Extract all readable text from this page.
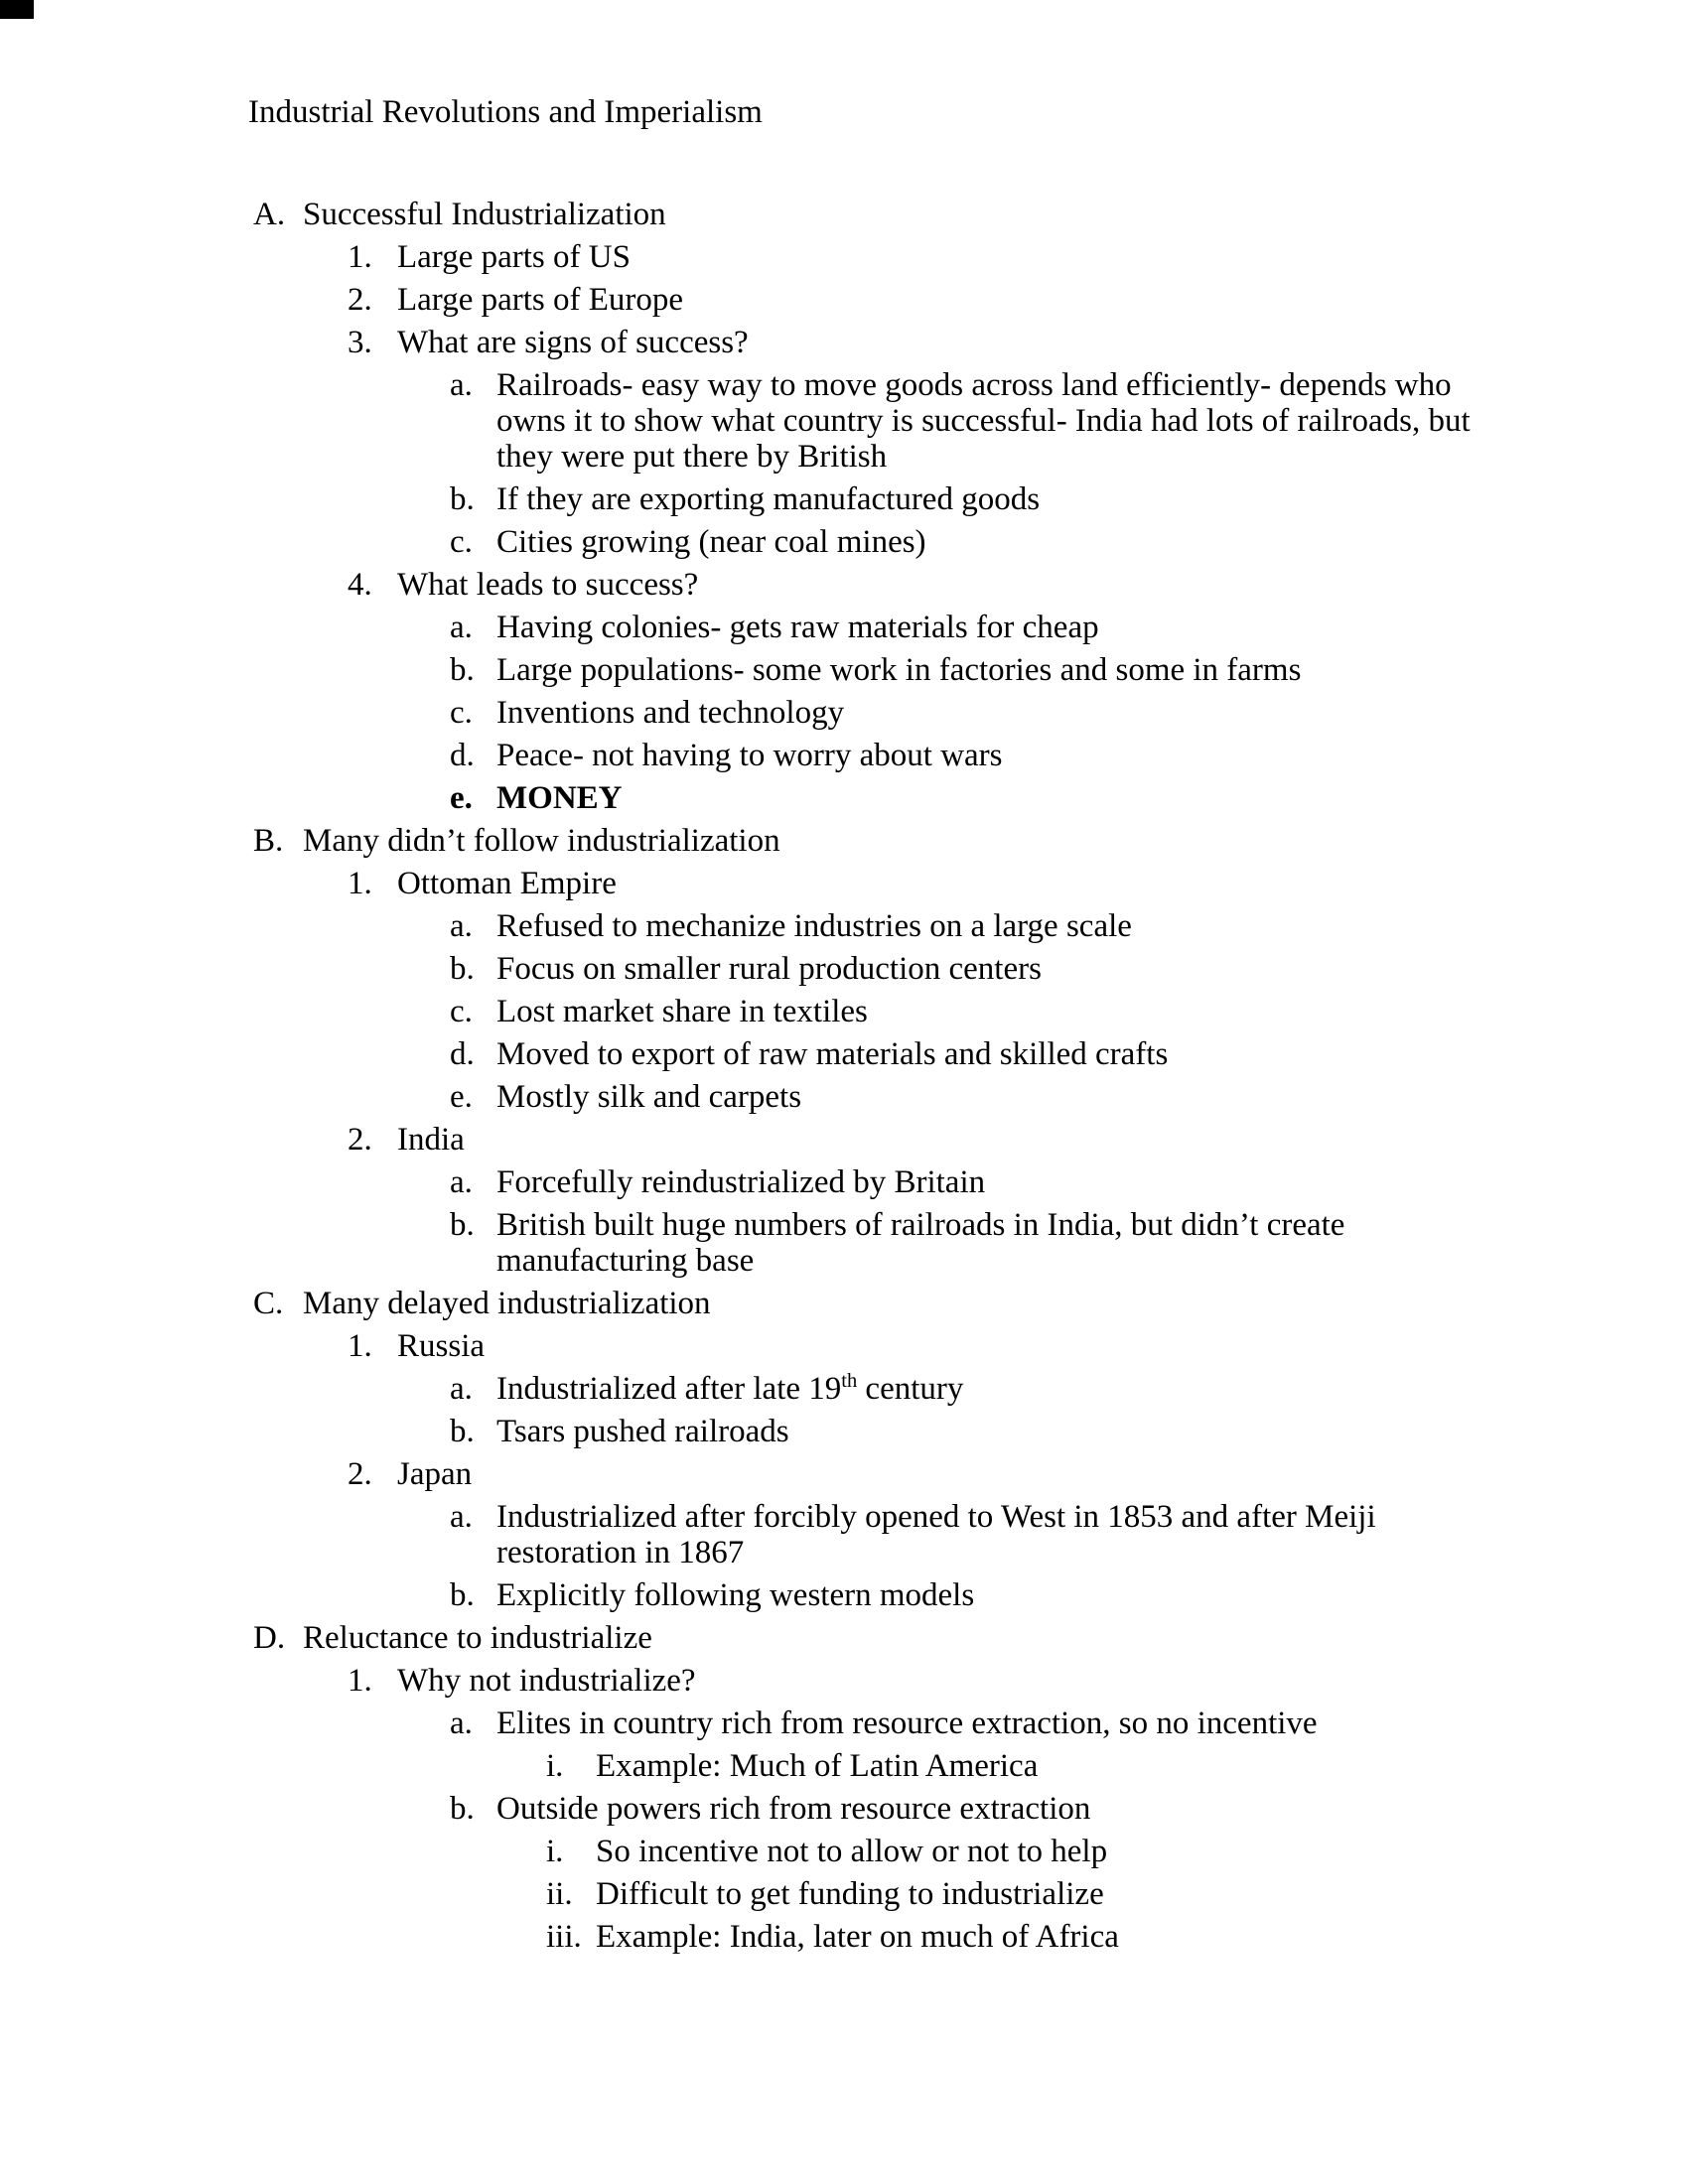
Industrial Revolutions and Imperialism
A. Successful Industrialization
1. Large parts of US
2. Large parts of Europe
3. What are signs of success?
a. Railroads- easy way to move goods across land efficiently- depends who owns it to show what country is successful- India had lots of railroads, but they were put there by British
b. If they are exporting manufactured goods
c. Cities growing (near coal mines)
4. What leads to success?
a. Having colonies- gets raw materials for cheap
b. Large populations- some work in factories and some in farms
c. Inventions and technology
d. Peace- not having to worry about wars
e. MONEY
B. Many didn’t follow industrialization
1. Ottoman Empire
a. Refused to mechanize industries on a large scale
b. Focus on smaller rural production centers
c. Lost market share in textiles
d. Moved to export of raw materials and skilled crafts
e. Mostly silk and carpets
2. India
a. Forcefully reindustrialized by Britain
b. British built huge numbers of railroads in India, but didn’t create manufacturing base
C. Many delayed industrialization
1. Russia
a. Industrialized after late 19th century
b. Tsars pushed railroads
2. Japan
a. Industrialized after forcibly opened to West in 1853 and after Meiji restoration in 1867
b. Explicitly following western models
D. Reluctance to industrialize
1. Why not industrialize?
a. Elites in country rich from resource extraction, so no incentive
i. Example: Much of Latin America
b. Outside powers rich from resource extraction
i. So incentive not to allow or not to help
ii. Difficult to get funding to industrialize
iii. Example: India, later on much of Africa
